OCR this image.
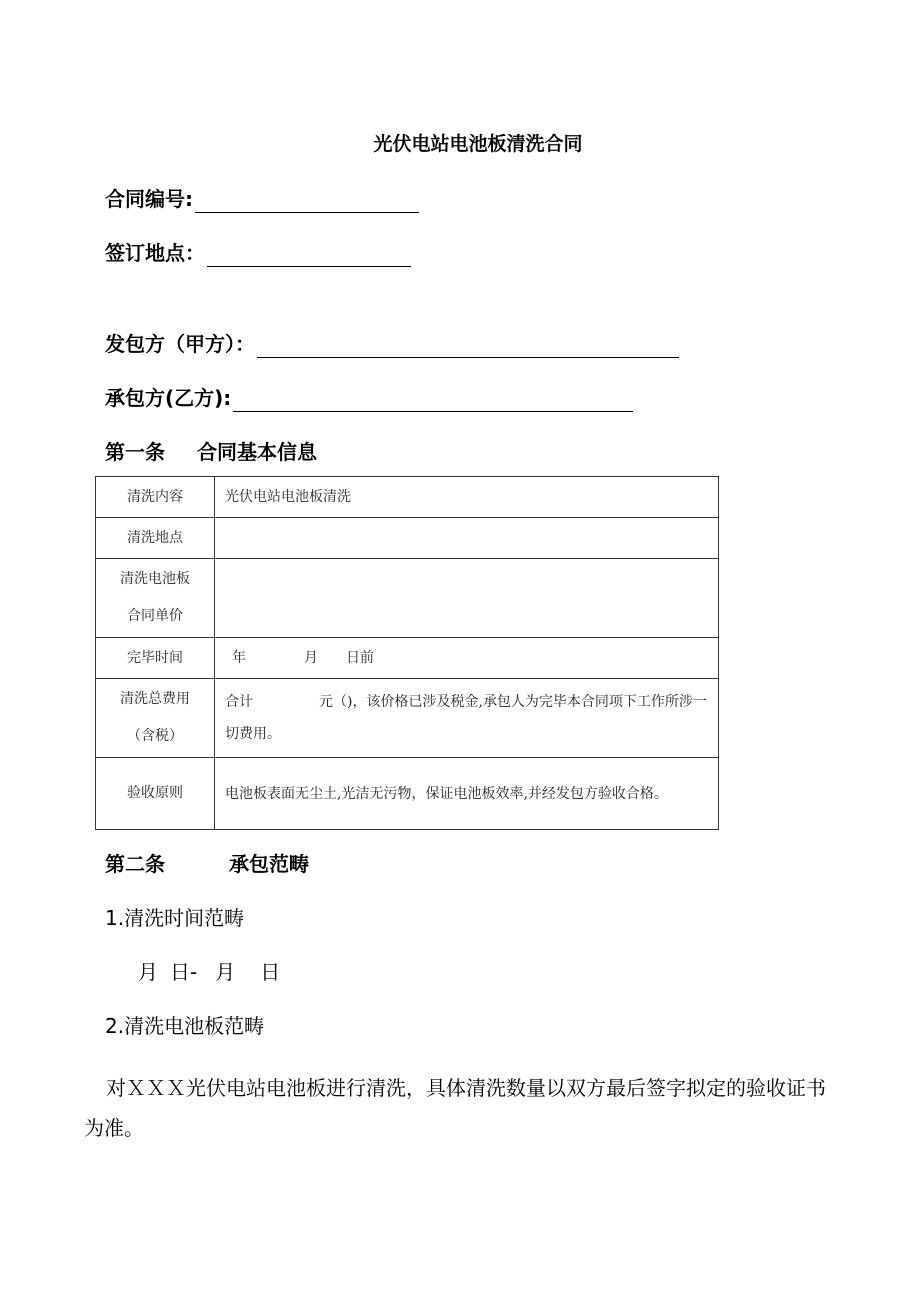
光伏电站电池板清洗合同
合同编号:
签订地点：
发包方（甲方）：
承包方(乙方):
第一条 合同基本信息
清洗内容	光伏电站电池板清洗
清洗地点	

清洗电池板
合同单价	

完毕时间	年 月 日前

清洗总费用
（含税）	合计 元（)，该价格已涉及税金,承包人为完毕本合同项下工作所涉一切费用。
验收原则	电池板表面无尘土,光洁无污物，保证电池板效率,并经发包方验收合格。
第二条	承包范畴
1.清洗时间范畴
月 日- 月 日
2.清洗电池板范畴
对ＸＸＸ光伏电站电池板进行清洗，具体清洗数量以双方最后签字拟定的验收证书为准。
